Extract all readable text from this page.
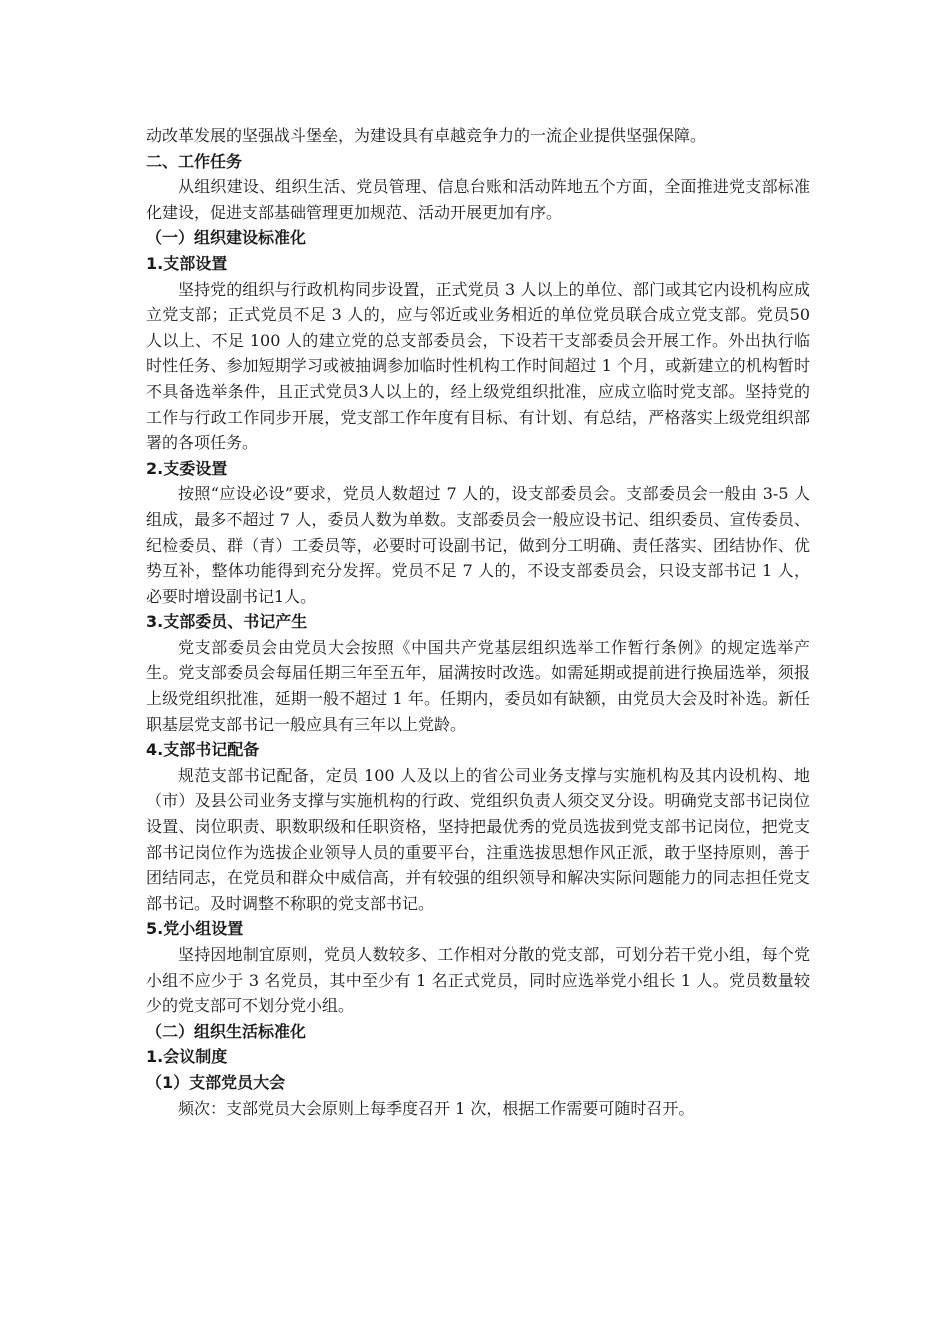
动改革发展的坚强战斗堡垒，为建设具有卓越竞争力的一流企业提供坚强保障。

二、工作任务

从组织建设、组织生活、党员管理、信息台账和活动阵地五个方面，全面推进党支部标准化建设，促进支部基础管理更加规范、活动开展更加有序。

（一）组织建设标准化

1.支部设置

坚持党的组织与行政机构同步设置，正式党员 3 人以上的单位、部门或其它内设机构应成立党支部；正式党员不足 3 人的，应与邻近或业务相近的单位党员联合成立党支部。党员50人以上、不足 100 人的建立党的总支部委员会，下设若干支部委员会开展工作。外出执行临时性任务、参加短期学习或被抽调参加临时性机构工作时间超过 1 个月，或新建立的机构暂时不具备选举条件，且正式党员3人以上的，经上级党组织批准，应成立临时党支部。坚持党的工作与行政工作同步开展，党支部工作年度有目标、有计划、有总结，严格落实上级党组织部署的各项任务。

2.支委设置

按照“应设必设”要求，党员人数超过 7 人的，设支部委员会。支部委员会一般由 3-5 人组成，最多不超过 7 人，委员人数为单数。支部委员会一般应设书记、组织委员、宣传委员、纪检委员、群（青）工委员等，必要时可设副书记，做到分工明确、责任落实、团结协作、优势互补，整体功能得到充分发挥。党员不足 7 人的，不设支部委员会，只设支部书记 1 人，必要时增设副书记1人。

3.支部委员、书记产生

党支部委员会由党员大会按照《中国共产党基层组织选举工作暂行条例》的规定选举产生。党支部委员会每届任期三年至五年，届满按时改选。如需延期或提前进行换届选举，须报上级党组织批准，延期一般不超过 1 年。任期内，委员如有缺额，由党员大会及时补选。新任职基层党支部书记一般应具有三年以上党龄。

4.支部书记配备

规范支部书记配备，定员 100 人及以上的省公司业务支撑与实施机构及其内设机构、地（市）及县公司业务支撑与实施机构的行政、党组织负责人须交叉分设。明确党支部书记岗位设置、岗位职责、职数职级和任职资格，坚持把最优秀的党员选拔到党支部书记岗位，把党支部书记岗位作为选拔企业领导人员的重要平台，注重选拔思想作风正派，敢于坚持原则，善于团结同志，在党员和群众中威信高，并有较强的组织领导和解决实际问题能力的同志担任党支部书记。及时调整不称职的党支部书记。

5.党小组设置

坚持因地制宜原则，党员人数较多、工作相对分散的党支部，可划分若干党小组，每个党小组不应少于 3 名党员，其中至少有 1 名正式党员，同时应选举党小组长 1 人。党员数量较少的党支部可不划分党小组。

（二）组织生活标准化

1.会议制度

（1）支部党员大会

频次：支部党员大会原则上每季度召开 1 次，根据工作需要可随时召开。
